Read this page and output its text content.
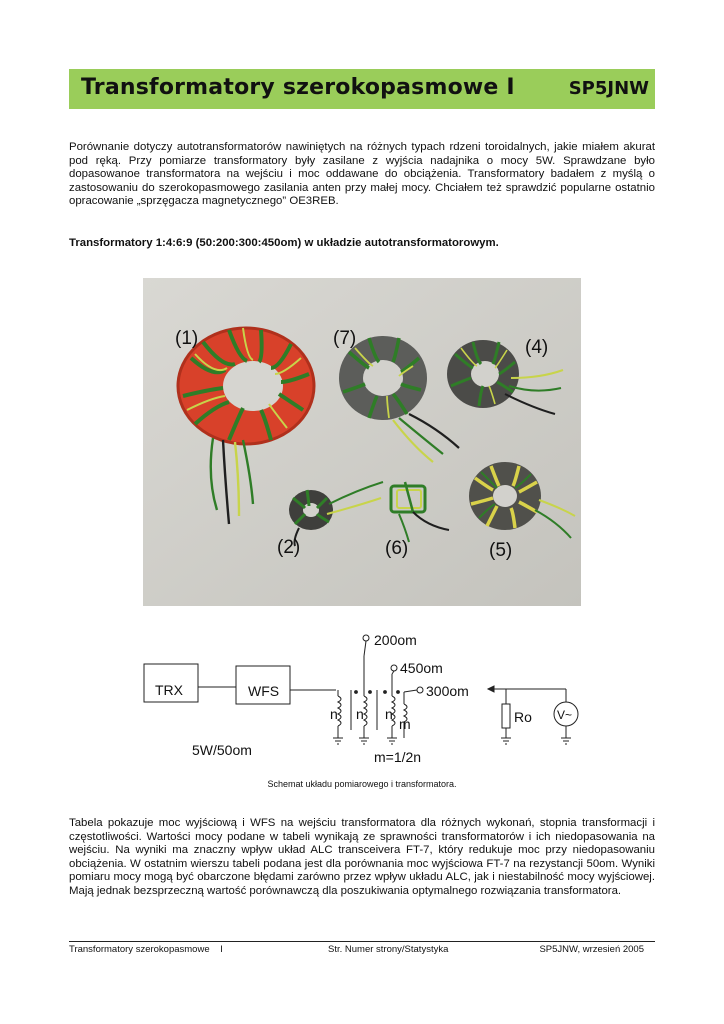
Transformatory szerokopasmowe I	SP5JNW

Porównanie dotyczy autotransformatorów nawiniętych na różnych typach rdzeni toroidalnych, jakie miałem akurat pod ręką. Przy pomiarze transformatory były zasilane z wyjścia nadajnika o mocy 5W. Sprawdzane było dopasowanoe transformatora na wejściu i moc oddawane do obciążenia. Transformatory badałem z myślą o zastosowaniu do szerokopasmowego zasilania anten przy małej mocy. Chciałem też sprawdzić popularne ostatnio opracowanie „sprzęgacza magnetycznego” OE3REB.

Transformatory 1:4:6:9 (50:200:300:450om) w układzie autotransformatorowym.

(1)	(7)	(4)
(2)	(6)	(5)
TRX	WFS
5W/50om
n n n
m
200om
450om
300om
m=1/2n
Ro V~
Schemat układu pomiarowego i transformatora.

Tabela pokazuje moc wyjściową i WFS na wejściu transformatora dla różnych wykonań, stopnia transformacji i częstotliwości. Wartości mocy podane w tabeli wynikają ze sprawności transformatorów i ich niedopasowania na wejściu. Na wyniki ma znaczny wpływ układ ALC transceivera FT-7, który redukuje moc przy niedopasowaniu obciążenia. W ostatnim wierszu tabeli podana jest dla porównania moc wyjściowa FT-7 na rezystancji 50om. Wyniki pomiaru mocy mogą być obarczone błędami zarówno przez wpływ układu ALC, jak i niestabilność mocy wyjściowej. Mają jednak bezsprzeczną wartość porównawczą dla poszukiwania optymalnego rozwiązania transformatora.

Transformatory szerokopasmowe    I	Str. Numer strony/Statystyka	SP5JNW, wrzesień 2005
